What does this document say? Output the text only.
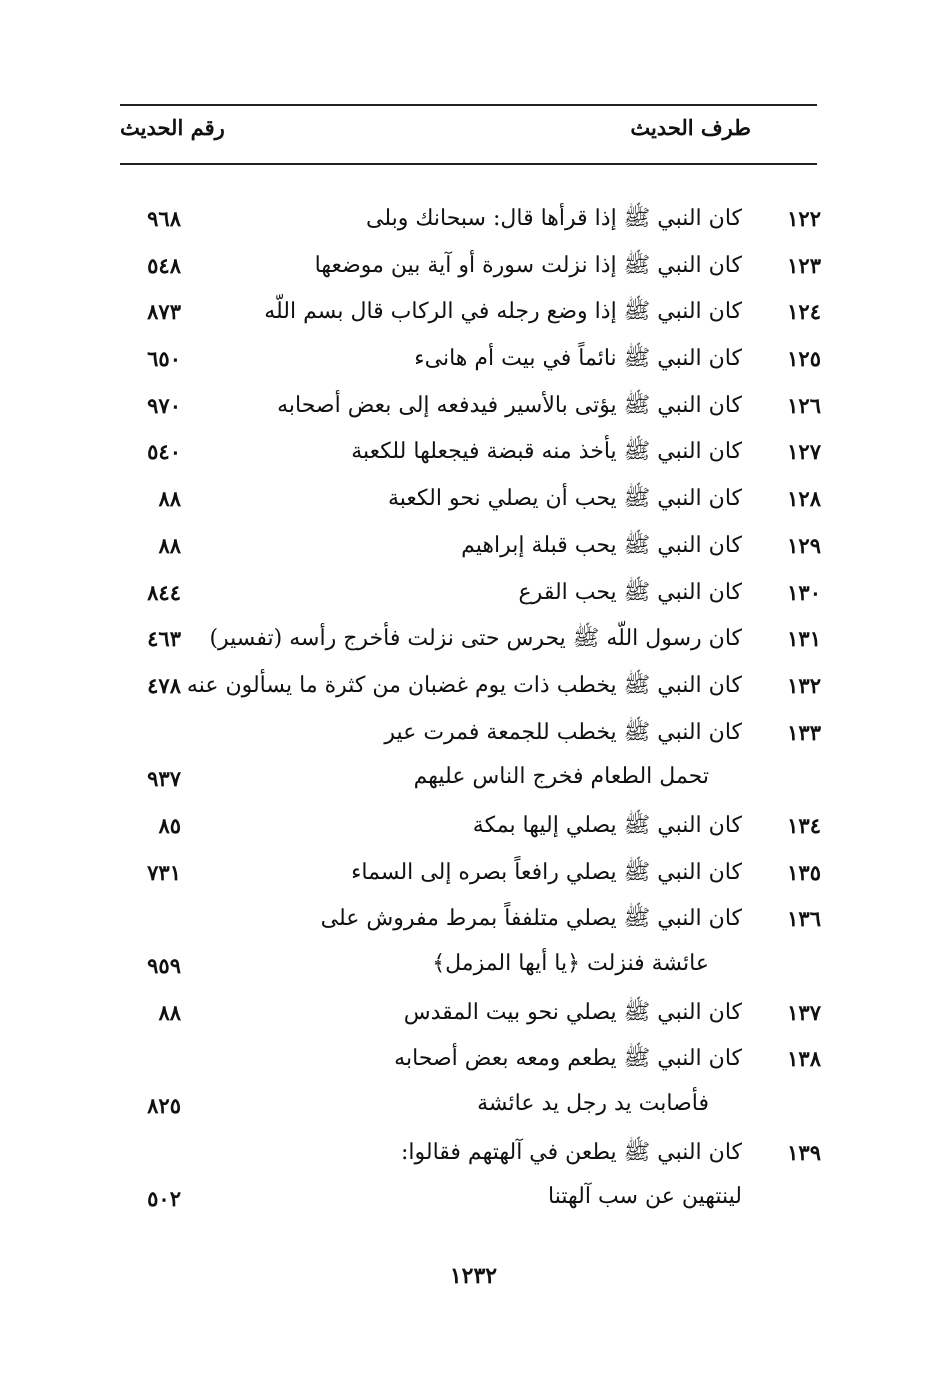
طرف الحديث
رقم الحديث
١٢٢
كان النبي ﷺ إذا قرأها قال: سبحانك وبلى
٩٦٨
١٢٣
كان النبي ﷺ إذا نزلت سورة أو آية بين موضعها
٥٤٨
١٢٤
كان النبي ﷺ إذا وضع رجله في الركاب قال بسم اللّه
٨٧٣
١٢٥
كان النبي ﷺ نائماً في بيت أم هانىء
٦٥٠
١٢٦
كان النبي ﷺ يؤتى بالأسير فيدفعه إلى بعض أصحابه
٩٧٠
١٢٧
كان النبي ﷺ يأخذ منه قبضة فيجعلها للكعبة
٥٤٠
١٢٨
كان النبي ﷺ يحب أن يصلي نحو الكعبة
٨٨
١٢٩
كان النبي ﷺ يحب قبلة إبراهيم
٨٨
١٣٠
كان النبي ﷺ يحب القرع
٨٤٤
١٣١
كان رسول اللّه ﷺ يحرس حتى نزلت فأخرج رأسه (تفسير)
٤٦٣
١٣٢
كان النبي ﷺ يخطب ذات يوم غضبان من كثرة ما يسألون عنه
٤٧٨
١٣٣
كان النبي ﷺ يخطب للجمعة فمرت عير
تحمل الطعام فخرج الناس عليهم
٩٣٧
١٣٤
كان النبي ﷺ يصلي إليها بمكة
٨٥
١٣٥
كان النبي ﷺ يصلي رافعاً بصره إلى السماء
٧٣١
١٣٦
كان النبي ﷺ يصلي متلففاً بمرط مفروش على
عائشة فنزلت ﴿يا أيها المزمل﴾
٩٥٩
١٣٧
كان النبي ﷺ يصلي نحو بيت المقدس
٨٨
١٣٨
كان النبي ﷺ يطعم ومعه بعض أصحابه
فأصابت يد رجل يد عائشة
٨٢٥
١٣٩
كان النبي ﷺ يطعن في آلهتهم فقالوا:
لينتهين عن سب آلهتنا
٥٠٢
١٢٣٢
